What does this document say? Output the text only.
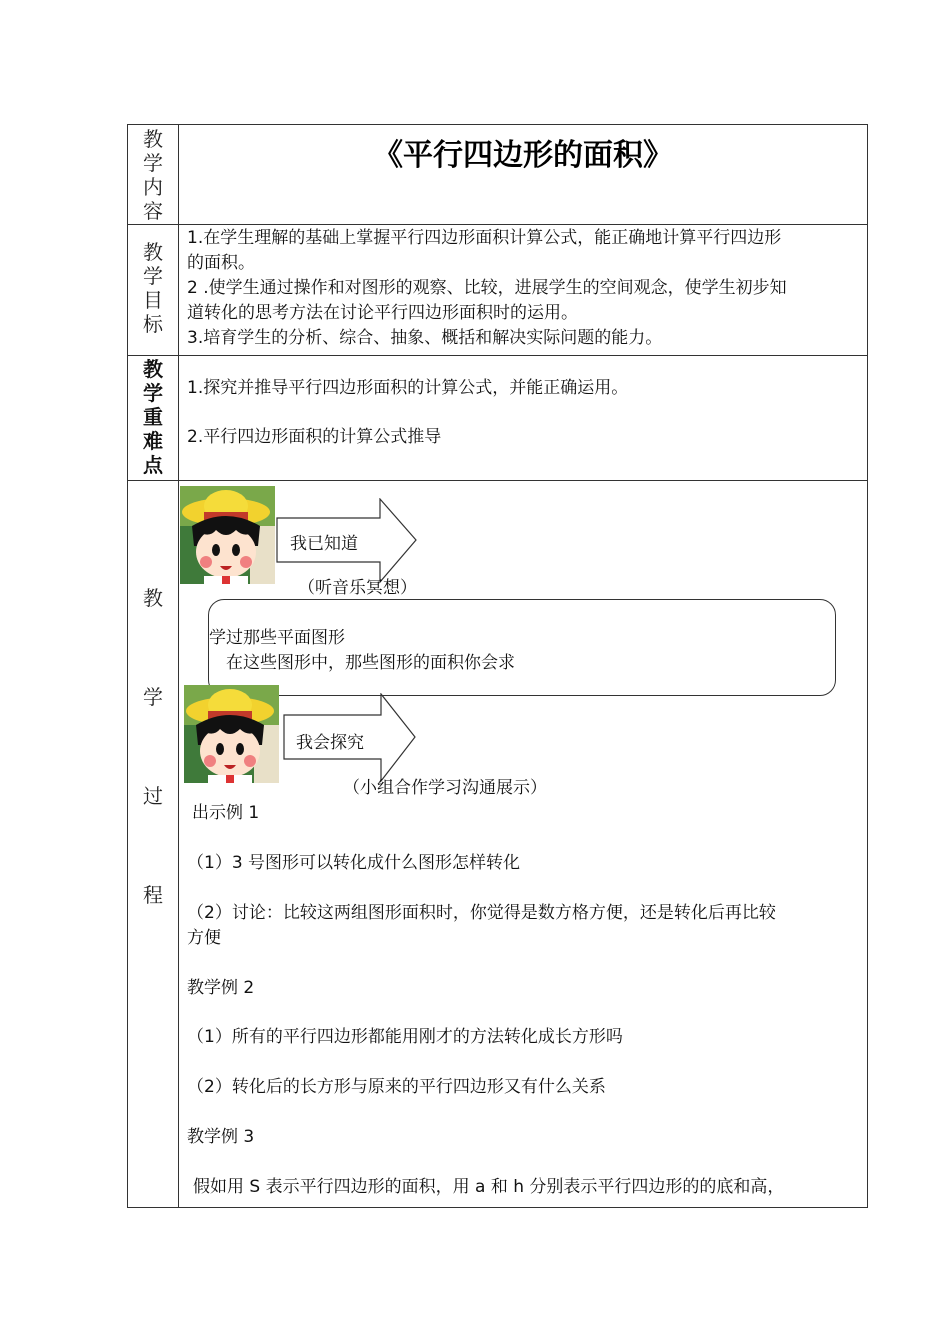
教
学
内
容
《平行四边形的面积》
教
学
目
标
1.在学生理解的基础上掌握平行四边形面积计算公式，能正确地计算平行四边形
的面积。
2 .使学生通过操作和对图形的观察、比较，进展学生的空间观念，使学生初步知
道转化的思考方法在讨论平行四边形面积时的运用。
3.培育学生的分析、综合、抽象、概括和解决实际问题的能力。
教
学
重
难
点
1.探究并推导平行四边形面积的计算公式，并能正确运用。
2.平行四边形面积的计算公式推导
教
学
过
程
我已知道
（听音乐冥想）
学过那些平面图形
在这些图形中，那些图形的面积你会求
我会探究
（小组合作学习沟通展示）
出示例 1
（1）3 号图形可以转化成什么图形怎样转化
（2）讨论：比较这两组图形面积时，你觉得是数方格方便，还是转化后再比较
方便
教学例 2
（1）所有的平行四边形都能用刚才的方法转化成长方形吗
（2）转化后的长方形与原来的平行四边形又有什么关系
教学例 3
假如用 S 表示平行四边形的面积，用 a 和 h 分别表示平行四边形的的底和高，
